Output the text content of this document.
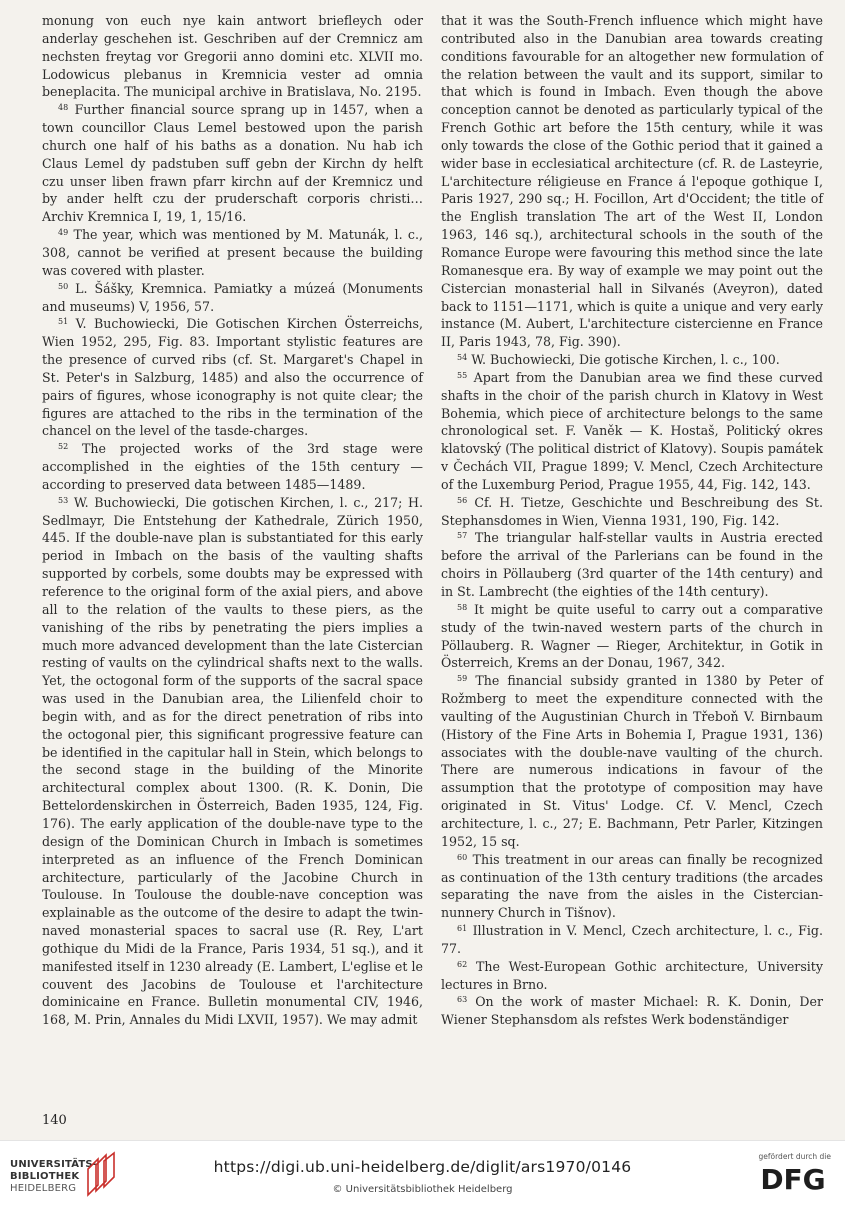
monung von euch nye kain antwort briefleych oder anderlay geschehen ist. Geschriben auf der Cremnicz am nechsten freytag vor Gregorii anno domini etc. XLVII mo. Lodowicus plebanus in Kremnicia vester ad omnia beneplacita. The municipal archive in Bratislava, No. 2195.

$^{48}$ Further financial source sprang up in 1457, when a town councillor Claus Lemel bestowed upon the parish church one half of his baths as a donation. Nu hab ich Claus Lemel dy padstuben suff gebn der Kirchn dy helft czu unser liben frawn pfarr kirchn auf der Kremnicz und by ander helft czu der pruderschaft corporis christi… Archiv Kremnica I, 19, 1, 15/16.

$^{49}$ The year, which was mentioned by M. Matunák, l. c., 308, cannot be verified at present because the building was covered with plaster.

$^{50}$ L. Šášky, Kremnica. Pamiatky a múzeá (Monuments and museums) V, 1956, 57.

$^{51}$ V. Buchowiecki, Die Gotischen Kirchen Österreichs, Wien 1952, 295, Fig. 83. Important stylistic features are the presence of curved ribs (cf. St. Margaret's Chapel in St. Peter's in Salzburg, 1485) and also the occurrence of pairs of figures, whose iconography is not quite clear; the figures are attached to the ribs in the termination of the chancel on the level of the tasde-charges.

$^{52}$ The projected works of the 3rd stage were accomplished in the eighties of the 15th century — according to preserved data between 1485—1489.

$^{53}$ W. Buchowiecki, Die gotischen Kirchen, l. c., 217; H. Sedlmayr, Die Entstehung der Kathedrale, Zürich 1950, 445. If the double-nave plan is substantiated for this early period in Imbach on the basis of the vaulting shafts supported by corbels, some doubts may be expressed with reference to the original form of the axial piers, and above all to the relation of the vaults to these piers, as the vanishing of the ribs by penetrating the piers implies a much more advanced development than the late Cistercian resting of vaults on the cylindrical shafts next to the walls. Yet, the octogonal form of the supports of the sacral space was used in the Danubian area, the Lilienfeld choir to begin with, and as for the direct penetration of ribs into the octogonal pier, this significant progressive feature can be identified in the capitular hall in Stein, which belongs to the second stage in the building of the Minorite architectural complex about 1300. (R. K. Donin, Die Bettelordenskirchen in Österreich, Baden 1935, 124, Fig. 176). The early application of the double-nave type to the design of the Dominican Church in Imbach is sometimes interpreted as an influence of the French Dominican architecture, particularly of the Jacobine Church in Toulouse. In Toulouse the double-nave conception was explainable as the outcome of the desire to adapt the twin-naved monasterial spaces to sacral use (R. Rey, L'art gothique du Midi de la France, Paris 1934, 51 sq.), and it manifested itself in 1230 already (E. Lambert, L'eglise et le couvent des Jacobins de Toulouse et l'architecture dominicaine en France. Bulletin monumental CIV, 1946, 168, M. Prin, Annales du Midi LXVII, 1957). We may admit

that it was the South-French influence which might have contributed also in the Danubian area towards creating conditions favourable for an altogether new formulation of the relation between the vault and its support, similar to that which is found in Imbach. Even though the above conception cannot be denoted as particularly typical of the French Gothic art before the 15th century, while it was only towards the close of the Gothic period that it gained a wider base in ecclesiatical architecture (cf. R. de Lasteyrie, L'architecture réligieuse en France á l'epoque gothique I, Paris 1927, 290 sq.; H. Focillon, Art d'Occident; the title of the English translation The art of the West II, London 1963, 146 sq.), architectural schools in the south of the Romance Europe were favouring this method since the late Romanesque era. By way of example we may point out the Cistercian monasterial hall in Silvanés (Aveyron), dated back to 1151—1171, which is quite a unique and very early instance (M. Aubert, L'architecture cistercienne en France II, Paris 1943, 78, Fig. 390).

$^{54}$ W. Buchowiecki, Die gotische Kirchen, l. c., 100.

$^{55}$ Apart from the Danubian area we find these curved shafts in the choir of the parish church in Klatovy in West Bohemia, which piece of architecture belongs to the same chronological set. F. Vaněk — K. Hostaš, Politický okres klatovský (The political district of Klatovy). Soupis památek v Čechách VII, Prague 1899; V. Mencl, Czech Architecture of the Luxemburg Period, Prague 1955, 44, Fig. 142, 143.

$^{56}$ Cf. H. Tietze, Geschichte und Beschreibung des St. Stephansdomes in Wien, Vienna 1931, 190, Fig. 142.

$^{57}$ The triangular half-stellar vaults in Austria erected before the arrival of the Parlerians can be found in the choirs in Pöllauberg (3rd quarter of the 14th century) and in St. Lambrecht (the eighties of the 14th century).

$^{58}$ It might be quite useful to carry out a comparative study of the twin-naved western parts of the church in Pöllauberg. R. Wagner — Rieger, Architektur, in Gotik in Österreich, Krems an der Donau, 1967, 342.

$^{59}$ The financial subsidy granted in 1380 by Peter of Rožmberg to meet the expenditure connected with the vaulting of the Augustinian Church in Třeboň V. Birnbaum (History of the Fine Arts in Bohemia I, Prague 1931, 136) associates with the double-nave vaulting of the church. There are numerous indications in favour of the assumption that the prototype of composition may have originated in St. Vitus' Lodge. Cf. V. Mencl, Czech architecture, l. c., 27; E. Bachmann, Petr Parler, Kitzingen 1952, 15 sq.

$^{60}$ This treatment in our areas can finally be recognized as continuation of the 13th century traditions (the arcades separating the nave from the aisles in the Cistercian-nunnery Church in Tišnov).

$^{61}$ Illustration in V. Mencl, Czech architecture, l. c., Fig. 77.

$^{62}$ The West-European Gothic architecture, University lectures in Brno.

$^{63}$ On the work of master Michael: R. K. Donin, Der Wiener Stephansdom als refstes Werk bodenständiger

140
UNIVERSITÄTS-
BIBLIOTHEK
HEIDELBERG
https://digi.ub.uni-heidelberg.de/diglit/ars1970/0146
© Universitätsbibliothek Heidelberg
gefördert durch die
DFG
